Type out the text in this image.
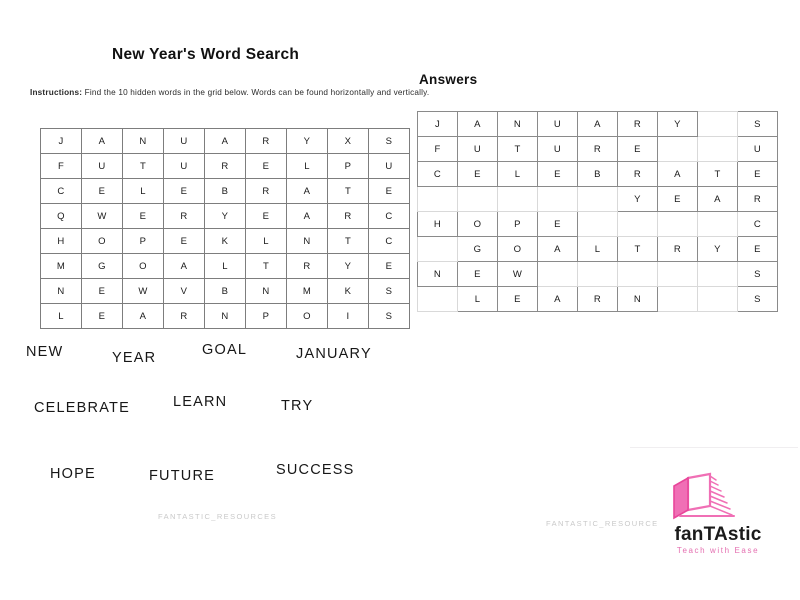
New Year's Word Search
Instructions: Find the 10 hidden words in the grid below. Words can be found horizontally and vertically.
Answers
J	A	N	U	A	R	Y	X	S
F	U	T	U	R	E	L	P	U
C	E	L	E	B	R	A	T	E
Q	W	E	R	Y	E	A	R	C
H	O	P	E	K	L	N	T	C
M	G	O	A	L	T	R	Y	E
N	E	W	V	B	N	M	K	S
L	E	A	R	N	P	O	I	S
J	A	N	U	A	R	Y		S
F	U	T	U	R	E			U
C	E	L	E	B	R	A	T	E
					Y	E	A	R
H	O	P	E					C
	G	O	A	L	T	R	Y	E
N	E	W						S
	L	E	A	R	N			S
NEW	YEAR	GOAL	JANUARY
CELEBRATE	LEARN	TRY
HOPE	FUTURE	SUCCESS
FANTASTIC_RESOURCES
FANTASTIC_RESOURCE
fanTAstic
Teach with Ease
